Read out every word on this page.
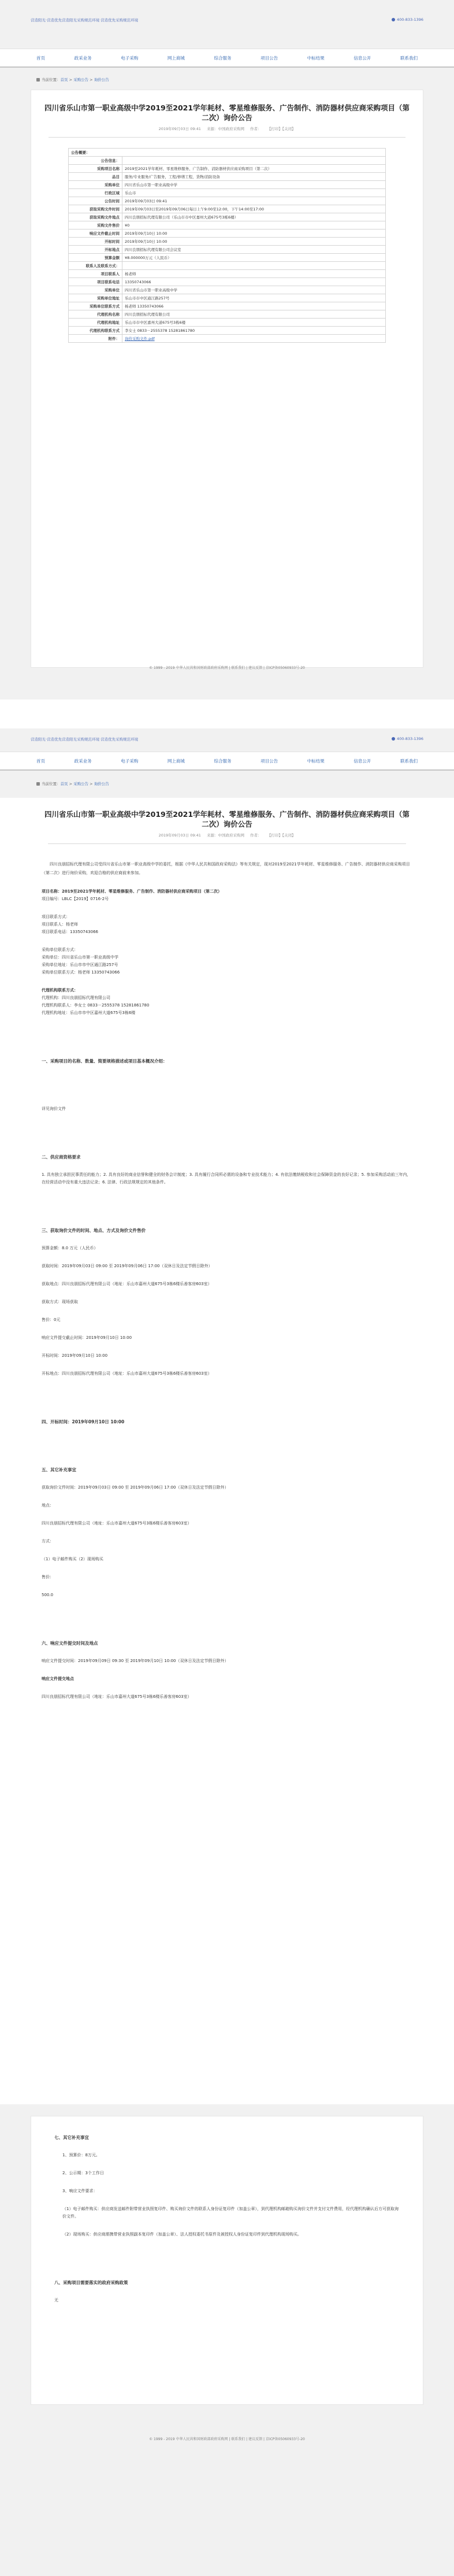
营造阳光·营造优先营造阳光采购规范环境 营造优先采购规范环境	400-833-1396
首页	政采业务	电子采购	网上商城	综合服务	项目公告	中标结果	信息公开	联系我们
当前位置：首页 > 采购公告 > 询价公告
四川省乐山市第一职业高级中学2019至2021学年耗材、零星维修服务、广告制作、消防器材供应商采购项目（第二次）询价公告
2019年09月03日 09:41 来源：中国政府采购网 作者： 【打印】【关闭】
公告概要：	
公告信息：	
采购项目名称	2019至2021学年耗材、零星维修服务、广告制作、消防器材供应商采购项目（第二次）
品目	服务/专业服务/广告服务，工程/修缮工程，货物/消防设备
采购单位	四川省乐山市第一职业高级中学
行政区域	乐山市
公告时间	2019年09月03日 09:41
获取采购文件时间	2019年09月03日至2019年09月06日每日上午9:00至12:00，下午14:00至17:00
获取采购文件地点	四川良朋招标代理有限公司（乐山市市中区嘉州大道675号3栋6楼）
采购文件售价	¥0
响应文件截止时间	2019年09月10日 10:00
开标时间	2019年09月10日 10:00
开标地点	四川良朋招标代理有限公司会议室
预算金额	¥8.000000万元（人民币）
联系人及联系方式：	
项目联系人	杨老师
项目联系电话	13350743066
采购单位	四川省乐山市第一职业高级中学
采购单位地址	乐山市市中区通江路257号
采购单位联系方式	杨老师 13350743066
代理机构名称	四川良朋招标代理有限公司
代理机构地址	乐山市市中区嘉州大道675号3栋6楼
代理机构联系方式	李女士 0833－2555378 15281861780
附件：	询价采购文件.pdf
© 1999 - 2019 中华人民共和国财政部政府采购网 | 联系我们 | 建议反馈 | 京ICP备05060933号-20
营造阳光·营造优先营造阳光采购规范环境 营造优先采购规范环境	400-833-1396
首页	政采业务	电子采购	网上商城	综合服务	项目公告	中标结果	信息公开	联系我们
当前位置：首页 > 采购公告 > 询价公告
四川省乐山市第一职业高级中学2019至2021学年耗材、零星维修服务、广告制作、消防器材供应商采购项目（第二次）询价公告
2019年09月03日 09:41 来源：中国政府采购网 作者： 【打印】【关闭】

四川良朋招标代理有限公司受四川省乐山市第一职业高级中学的委托，根据《中华人民共和国政府采购法》等有关规定，现对2019至2021学年耗材、零星维修服务、广告制作、消防器材供应商采购项目（第二次）进行询价采购，欢迎合格的供应商前来参加。

项目名称：2019至2021学年耗材、零星维修服务、广告制作、消防器材供应商采购项目（第二次）

项目编号：LBLC【2019】0716-2号

项目联系方式：

项目联系人：杨老师

项目联系电话：13350743066

采购单位联系方式：

采购单位：四川省乐山市第一职业高级中学

采购单位地址：乐山市市中区通江路257号

采购单位联系方式：杨老师 13350743066

代理机构联系方式：

代理机构：四川良朋招标代理有限公司

代理机构联系人：李女士 0833－2555378 15281861780

代理机构地址：乐山市市中区嘉州大道675号3栋6楼

一、采购项目的名称、数量、简要规格描述或项目基本概况介绍：

详见询价文件

二、供应商资格要求

1. 具有独立承担民事责任的能力；2. 具有良好的商业信誉和健全的财务会计制度；3. 具有履行合同所必需的设备和专业技术能力；4. 有依法缴纳税收和社会保障资金的良好记录；5. 参加采购活动前三年内，在经营活动中没有重大违法记录；6. 法律、行政法规规定的其他条件。

三、获取询价文件的时间、地点、方式及询价文件售价

预算金额：8.0 万元（人民币）

获取时间：2019年09月03日 09:00 至 2019年09月06日 17:00（双休日及法定节假日除外）

获取地点：四川良朋招标代理有限公司（地址：乐山市嘉州大道675号3栋6楼乐善客房603室）

获取方式：现场获取

售价：0元

响应文件提交截止时间：2019年09月10日 10:00

开标时间：2019年09月10日 10:00

开标地点：四川良朋招标代理有限公司（地址：乐山市嘉州大道675号3栋6楼乐善客房603室）

四、开标时间：2019年09月10日 10:00

五、其它补充事宜

获取询价文件时间：2019年09月03日 09:00 至 2019年09月06日 17:00（双休日及法定节假日除外）

地点：

四川良朋招标代理有限公司（地址：乐山市嘉州大道675号3栋6楼乐善客房603室）

方式：

（1）电子邮件购买（2）现场购买

售价：

500.0

六、响应文件提交时间及地点

响应文件提交时间：2019年09月09日 09:30 至 2019年09月10日 10:00（双休日及法定节假日除外）

响应文件提交地点

四川良朋招标代理有限公司（地址：乐山市嘉州大道675号3栋6楼乐善客房603室）

七、其它补充事宜

1、预算价：8万元。

2、公示期：3个工作日

3、响应文件要求：

（1）电子邮件购买：供应商发送邮件附带营业执照复印件、购买询价文件的联系人身份证复印件（加盖公章），到代理机构邮箱购买询价文件并支付文件费用，经代理机构确认后方可获取询价文件。

（2）现场购买：供应商需携带营业执照副本复印件（加盖公章）、法人授权委托书原件及被授权人身份证复印件到代理机构现场购买。

八、采购项目需要落实的政府采购政策

无

© 1999 - 2019 中华人民共和国财政部政府采购网 | 联系我们 | 建议反馈 | 京ICP备05060933号-20
